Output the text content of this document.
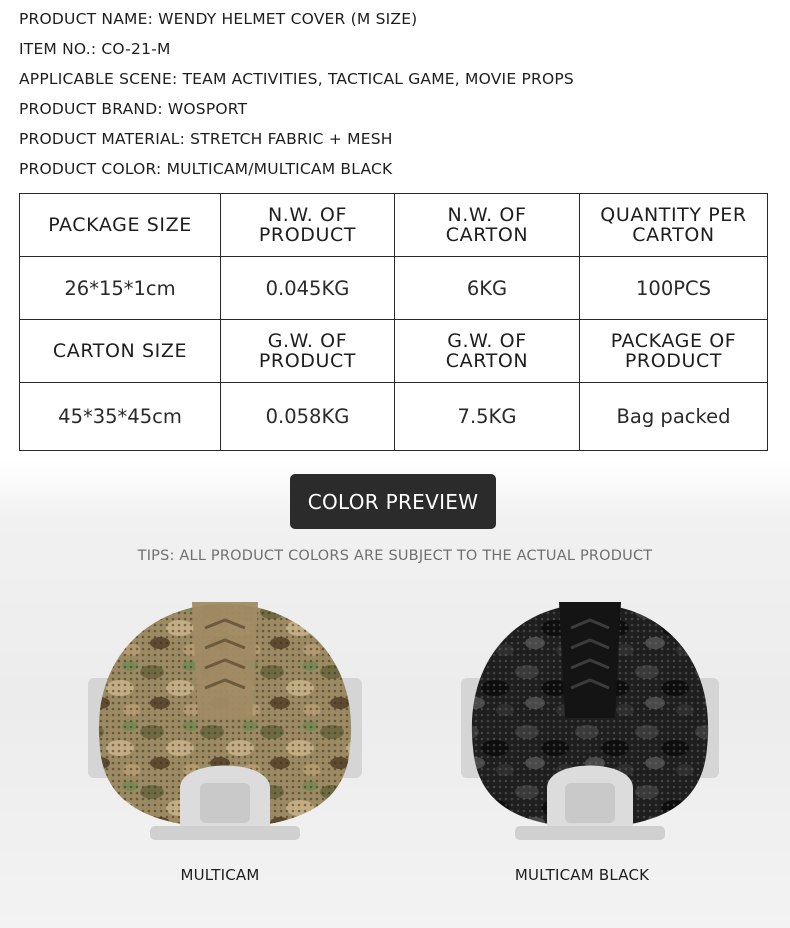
PRODUCT NAME: WENDY HELMET COVER (M SIZE)
ITEM NO.: CO-21-M
APPLICABLE SCENE: TEAM ACTIVITIES, TACTICAL GAME, MOVIE PROPS
PRODUCT BRAND: WOSPORT
PRODUCT MATERIAL: STRETCH FABRIC + MESH
PRODUCT COLOR: MULTICAM/MULTICAM BLACK
PACKAGE SIZE	N.W. OF PRODUCT	N.W. OF CARTON	QUANTITY PER CARTON

26*15*1cm	0.045KG	6KG	100PCS
CARTON SIZE	G.W. OF PRODUCT	G.W. OF CARTON	PACKAGE OF PRODUCT

45*35*45cm	0.058KG	7.5KG	Bag packed
COLOR PREVIEW
TIPS: ALL PRODUCT COLORS ARE SUBJECT TO THE ACTUAL PRODUCT
MULTICAM	MULTICAM BLACK
